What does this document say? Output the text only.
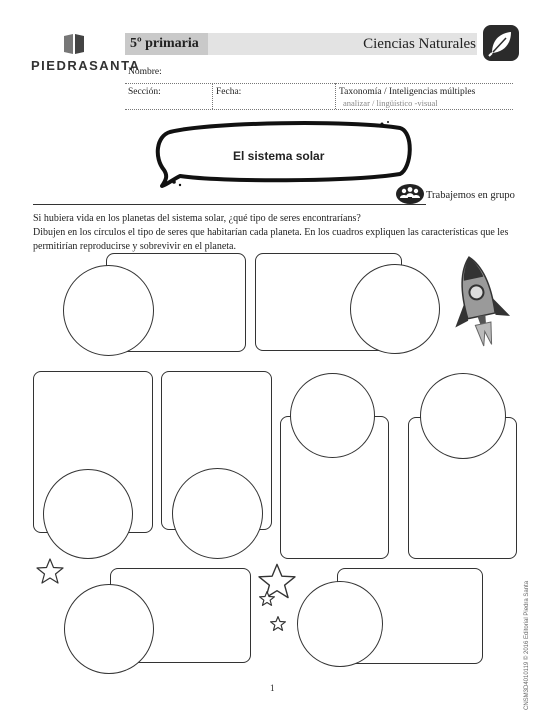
PIEDRASANTA
5º primaria	Ciencias Naturales
Nombre:
Sección:	Fecha:	Taxonomía / Inteligencias múltiples
analizar / lingüístico -visual
El sistema solar
Trabajemos en grupo
Si hubiera vida en los planetas del sistema solar, ¿qué tipo de seres encontraríans?
Dibujen en los círculos el tipo de seres que habitarían cada planeta. En los cuadros expliquen las características que les permitirían reproducirse y sobrevivir en el planeta.
1	CNSM3D4010119 © 2016 Editorial Piedra Santa
